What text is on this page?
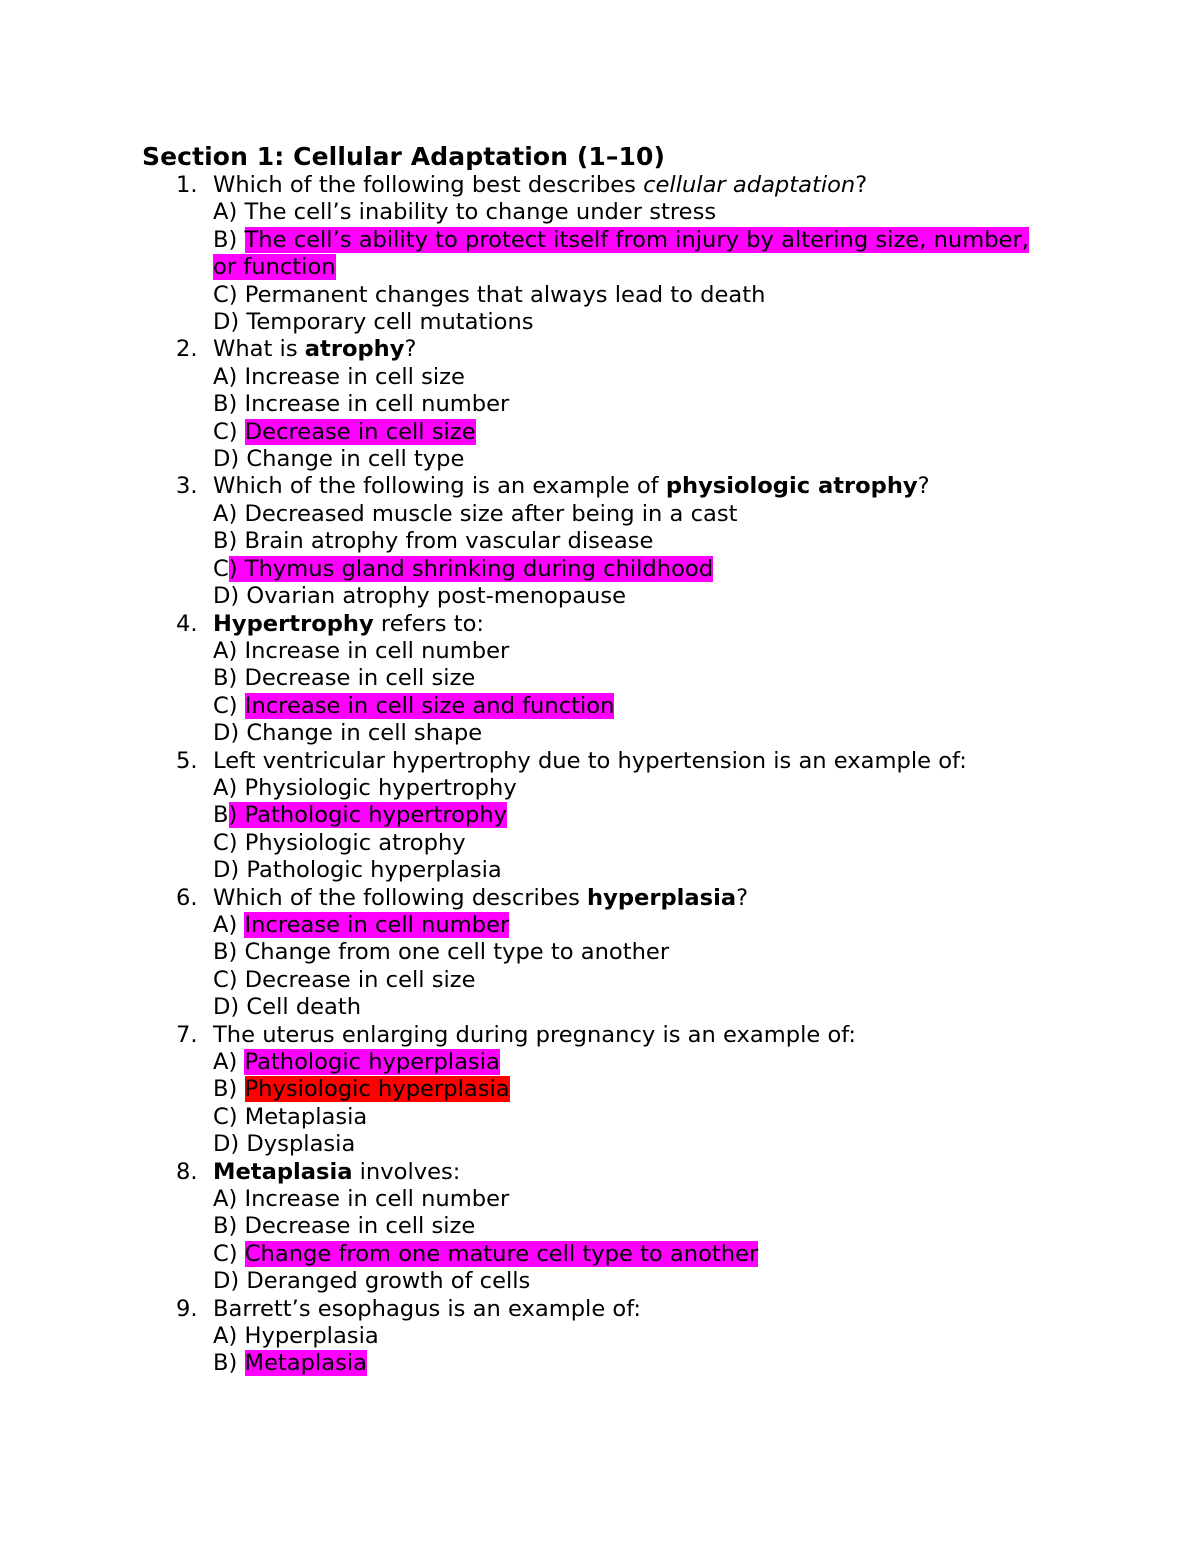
Section 1: Cellular Adaptation (1–10)
1. Which of the following best describes cellular adaptation?
A) The cell’s inability to change under stress
B) The cell’s ability to protect itself from injury by altering size, number, or function
C) Permanent changes that always lead to death
D) Temporary cell mutations
2. What is atrophy?
A) Increase in cell size
B) Increase in cell number
C) Decrease in cell size
D) Change in cell type
3. Which of the following is an example of physiologic atrophy?
A) Decreased muscle size after being in a cast
B) Brain atrophy from vascular disease
C) Thymus gland shrinking during childhood
D) Ovarian atrophy post-menopause
4. Hypertrophy refers to:
A) Increase in cell number
B) Decrease in cell size
C) Increase in cell size and function
D) Change in cell shape
5. Left ventricular hypertrophy due to hypertension is an example of:
A) Physiologic hypertrophy
B) Pathologic hypertrophy
C) Physiologic atrophy
D) Pathologic hyperplasia
6. Which of the following describes hyperplasia?
A) Increase in cell number
B) Change from one cell type to another
C) Decrease in cell size
D) Cell death
7. The uterus enlarging during pregnancy is an example of:
A) Pathologic hyperplasia
B) Physiologic hyperplasia
C) Metaplasia
D) Dysplasia
8. Metaplasia involves:
A) Increase in cell number
B) Decrease in cell size
C) Change from one mature cell type to another
D) Deranged growth of cells
9. Barrett’s esophagus is an example of:
A) Hyperplasia
B) Metaplasia
